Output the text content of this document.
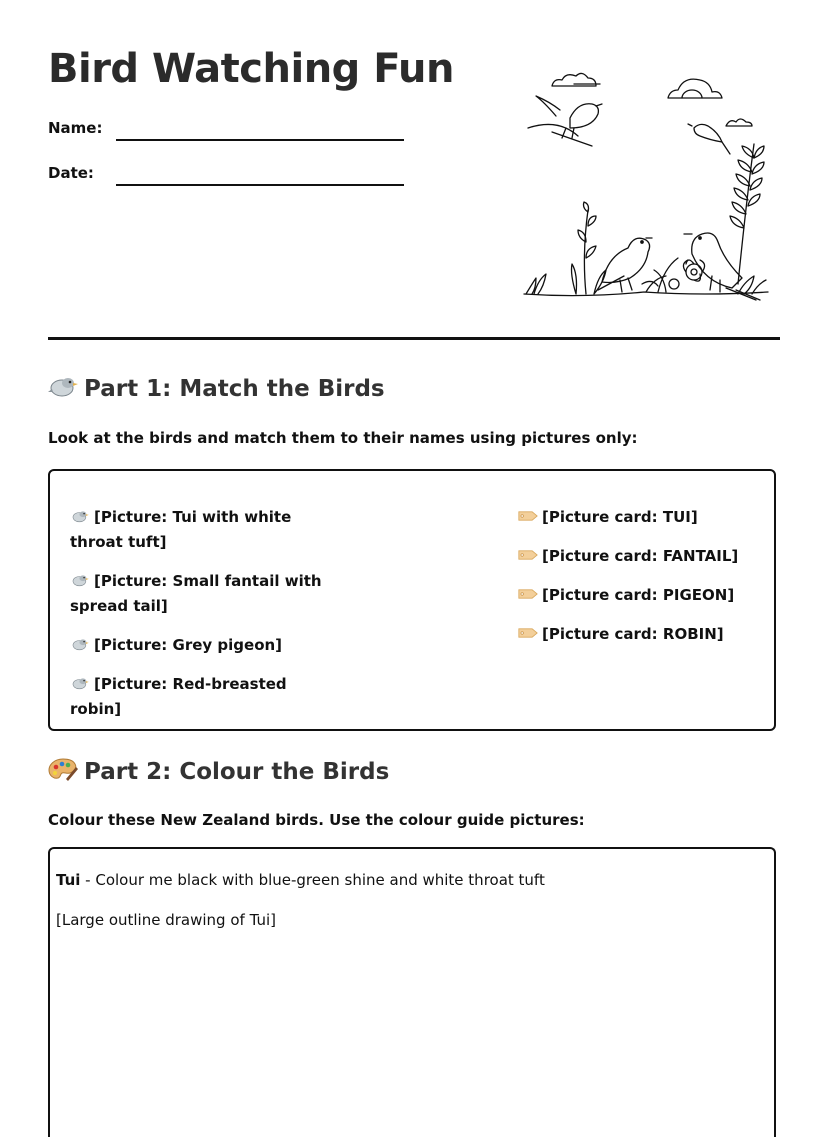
Bird Watching Fun
Name:
Date:
Part 1: Match the Birds

Look at the birds and match them to their names using pictures only:

[Picture: Tui with white throat tuft]
[Picture: Small fantail with spread tail]
[Picture: Grey pigeon]
[Picture: Red-breasted robin]
[Picture card: TUI]
[Picture card: FANTAIL]
[Picture card: PIGEON]
[Picture card: ROBIN]
Part 2: Colour the Birds

Colour these New Zealand birds. Use the colour guide pictures:

Tui - Colour me black with blue-green shine and white throat tuft
[Large outline drawing of Tui]
